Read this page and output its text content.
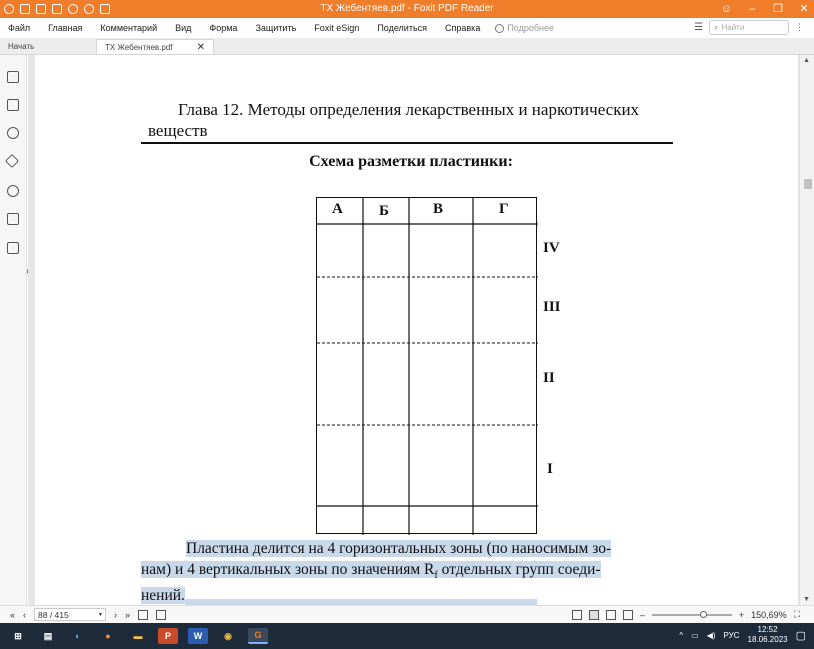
ТХ Жебентяев.pdf - Foxit PDF Reader	☺ – ❐ ✕
Файл	Главная	Комментарий	Вид	Форма	Защитить	Foxit eSign	Поделиться	Справка	Подробнее	☰ ⌕ Найти	⋮
Начать	ТХ Жебентяев.pdf ✕
Глава 12. Методы определения лекарственных и наркотических веществ
Схема разметки пластинки:
А Б	В	Г
IV
III
II
I
Пластина делится на 4 горизонтальных зоны (по наносимым зо-
нам) и 4 вертикальных зоны по значениям $R_f$ отдельных групп соеди-
нений.
▲
▼
« ‹ 88 / 415	▾ › »	–	+ 150,69% ⛶
⊞	▤	◐	●	▬	P	W	◉	G	^ ▭ ◀) РУС
12:52
18.06.2023 ▢
